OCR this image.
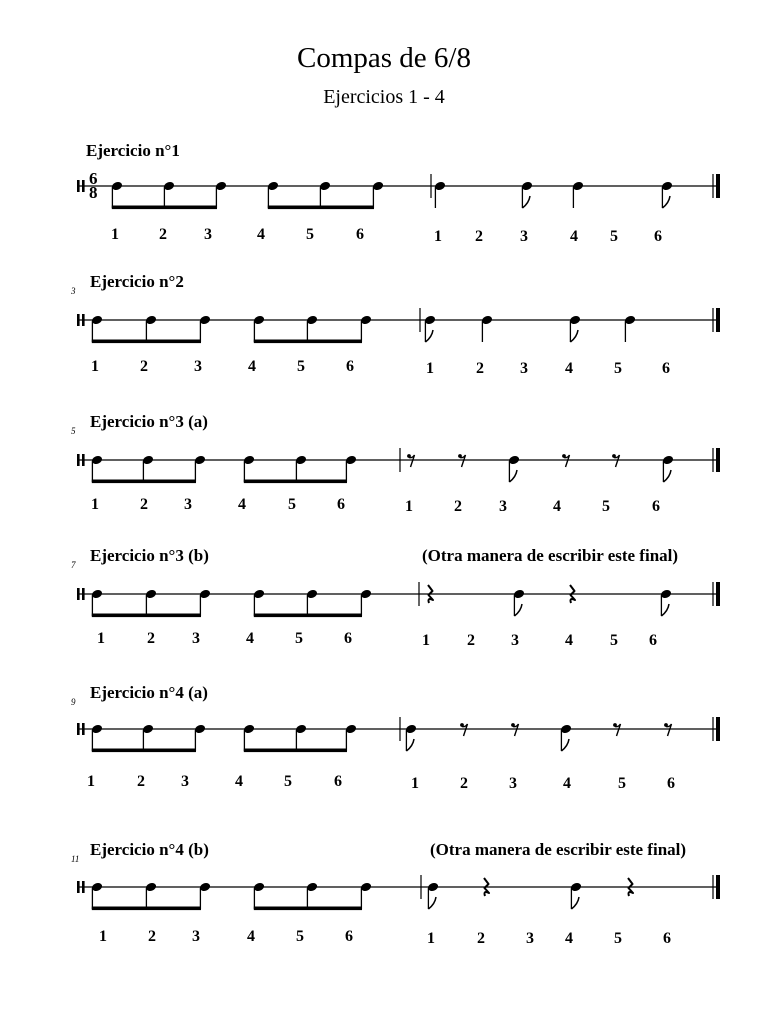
Compas de 6/8
Ejercicios 1 - 4
Ejercicio n°1
6
8
1	2 3	4	5	6	1 2 3	4 5 6
Ejercicio n°2
3
1	2	3	4	5	6	1	2 3 4	5	6
Ejercicio n°3 (a)
5
1	2 3	4	5	6	1	2 3	4	5	6
Ejercicio n°3 (b)
7	(Otra manera de escribir este final)
1	2 3	4	5	6	1 2 3	4 5 6
Ejercicio n°4 (a)
9
1	2 3	4	5	6	1	2	3	4	5	6
Ejercicio n°4 (b)
11	(Otra manera de escribir este final)
1	2 3	4	5	6	1	2	3 4	5	6
